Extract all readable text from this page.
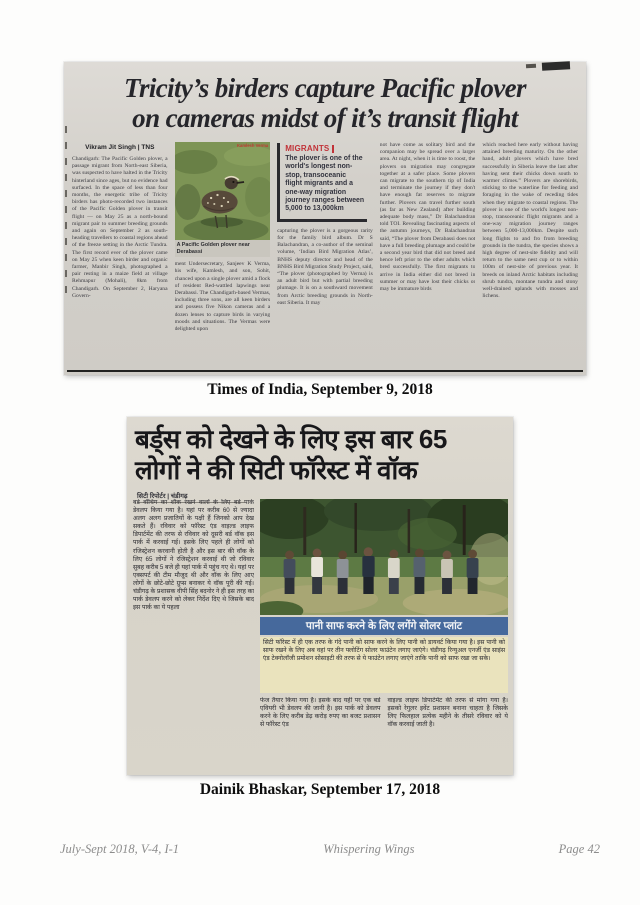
Tricity’s birders capture Pacific plover
on cameras midst of it’s transit flight
Vikram Jit Singh | TNS

Chandigarh: The Pacific Golden plover, a passage migrant from North-east Siberia, was suspected to have halted in the Tricity hinterland since ages, but no evidence had surfaced. In the space of less than four months, the energetic tribe of Tricity birders has photo-recorded two instances of the Pacific Golden plover in transit flight — on May 25 as a north-bound migrant pair to summer breeding grounds and again on September 2 as south-heading travellers to coastal regions ahead of the freeze setting in the Arctic Tundra. The first record ever of the plover came on May 25 when keen birder and organic farmer, Manbir Singh, photographed a pair resting in a maize field at village Rehmapur (Mohali), 8km from Chandigarh. On September 2, Haryana Govern-

Kamlesh Verma
A Pacific Golden plover near Derabassi

ment Undersecretary, Sanjeev K Verma, his wife, Kamlesh, and son, Sohit, chanced upon a single plover amid a flock of resident Red-wattled lapwings near Derabassi. The Chandigarh-based Vermas, including three sons, are all keen birders and possess five Nikon cameras and a dozen lenses to capture birds in varying moods and situations. The Vermas were delighted upon

MIGRANTS
The plover is one of the world's longest non-stop, transoceanic flight migrants and a one-way migration journey ranges between 5,000 to 13,000km

capturing the plover is a gorgeous rarity for the family bird album. Dr S Balachandran, a co-author of the seminal volume, ‘Indian Bird Migration Atlas’, BNHS deputy director and head of the BNHS Bird Migration Study Project, said, “The plover (photographed by Verma) is an adult bird but with partial breeding plumage. It is on a southward movement from Arctic breeding grounds in North-east Siberia. It may

not have come as solitary bird and the companion may be spread over a larger area. At night, when it is time to roost, the plovers on migration may congregate together at a safer place. Some plovers can migrate to the southern tip of India and terminate the journey if they don't have enough fat reserves to migrate further. Plovers can travel further south (as far as New Zealand) after building adequate body mass,” Dr Balachandran told TOI. Revealing fascinating aspects of the autumn journeys, Dr Balachandran said, “The plover from Derabassi does not have a full breeding plumage and could be a second year bird that did not breed and hence left prior to the other adults which bred successfully. The first migrants to arrive in India either did not breed in summer or may have lost their chicks or may be immature birds

which reached here early without having attained breeding maturity. On the other hand, adult plovers which have bred successfully in Siberia leave the last after having sent their chicks down south to warmer climes.” Plovers are shorebirds, sticking to the waterline for feeding and foraging in the wake of receding tides when they migrate to coastal regions. The plover is one of the world's longest non-stop, transoceanic flight migrants and a one-way migration journey ranges between 5,000-13,000km. Despite such long flights to and fro from breeding grounds in the tundra, the species shows a high degree of nest-site fidelity and will return to the same nest cup or to within 100m of nest-site of previous year. It breeds on inland Arctic habitats including shrub tundra, montane tundra and stony well-drained uplands with mosses and lichens.

Times of India, September 9, 2018
बर्ड्स को देखने के लिए इस बार 65
लोगों ने की सिटी फॉरेस्ट में वॉक
सिटी रिपोर्टर | चंडीगढ़

बर्ड वॉचिंग का शौक रखने वालों के लिए बर्ड पार्क डेवलप किया गया है। यहां पर करीब 60 से ज्यादा अलग अलग प्रजातियों के पक्षी हैं जिनको आप देख सकते हैं। रविवार को फॉरेस्ट एंड वाइल्ड लाइफ डिपार्टमेंट की तरफ से रविवार को दूसरी बर्ड वॉक इस पार्क में करवाई गई। इसके लिए पहले ही लोगों को रजिस्ट्रेशन करवानी होती है और इस बार की वॉक के लिए 65 लोगों ने रजिस्ट्रेशन करवाई थी जो रविवार सुबह करीब 5 बजे ही यहां पार्क में पहुंच गए थे। यहां पर एक्सपर्ट की टीम मौजूद थी और वॉक के लिए आए लोगों के छोटे-छोटे ग्रुप्स बनाकर ये वॉक पूरी की गई। चंडीगढ़ के प्रशासक वीपी सिंह बदनोर ने ही इस तरह का पार्क डेवलप करने को लेकर निर्देश दिए थे जिसके बाद इस पार्क का ये पहला

पानी साफ करने के लिए लगेंगे सोलर प्लांट

सिटी फॉरेस्ट में ही एक तरफ के गंदे पानी को साफ करने के लिए पानी को डायवर्ट किया गया है। इस पानी को साफ रखने के लिए अब वहां पर तीन फ्लोटिंग सोलर फाउंटेन लगाए जाएंगे। चंडीगढ़ रिन्युअल एनर्जी एंड साइंस एंड टेक्नोलॉजी प्रमोशन सोसाइटी की तरफ से ये फाउंटेन लगाए जाएंगे ताकि पानी को साफ रखा जा सके।

फेज तैयार किया गया है। इसके बाद यहीं पर एक बर्ड एवियरी भी डेवलप की जानी है। इस पार्क को डेवलप करने के लिए करीब डेढ़ करोड़ रुपए का बजट प्रशासन से फॉरेस्ट एंड

वाइल्ड लाइफ डिपार्टमेंट की तरफ से मांगा गया है। इसको रेगुलर इवेंट प्रशासन बनाना चाहता है जिसके लिए फिलहाल प्रत्येक महीने के तीसरे रविवार को ये वॉक करवाई जाती है।

Dainik Bhaskar, September 17, 2018
July-Sept 2018, V-4, I-1	Whispering Wings	Page 42
